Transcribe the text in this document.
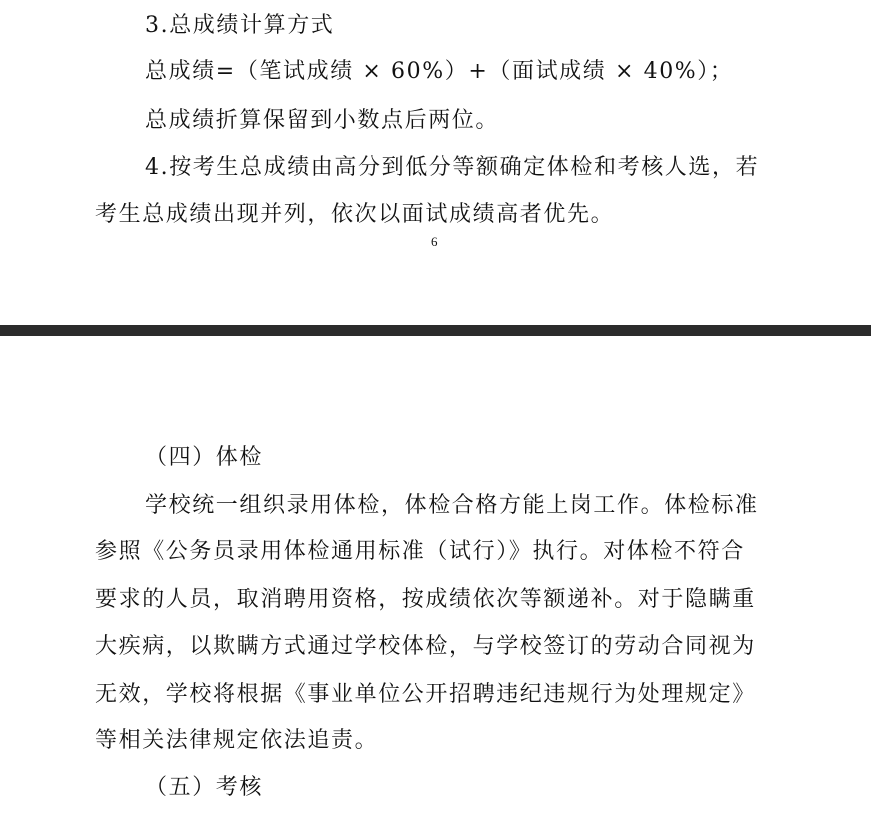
3.总成绩计算方式
总成绩=（笔试成绩 × 60%）+（面试成绩 × 40%）；
总成绩折算保留到小数点后两位。
4.按考生总成绩由高分到低分等额确定体检和考核人选，若
考生总成绩出现并列，依次以面试成绩高者优先。
6
（四）体检
学校统一组织录用体检，体检合格方能上岗工作。体检标准
参照《公务员录用体检通用标准（试行）》执行。对体检不符合
要求的人员，取消聘用资格，按成绩依次等额递补。对于隐瞒重
大疾病，以欺瞒方式通过学校体检，与学校签订的劳动合同视为
无效，学校将根据《事业单位公开招聘违纪违规行为处理规定》
等相关法律规定依法追责。
（五）考核
